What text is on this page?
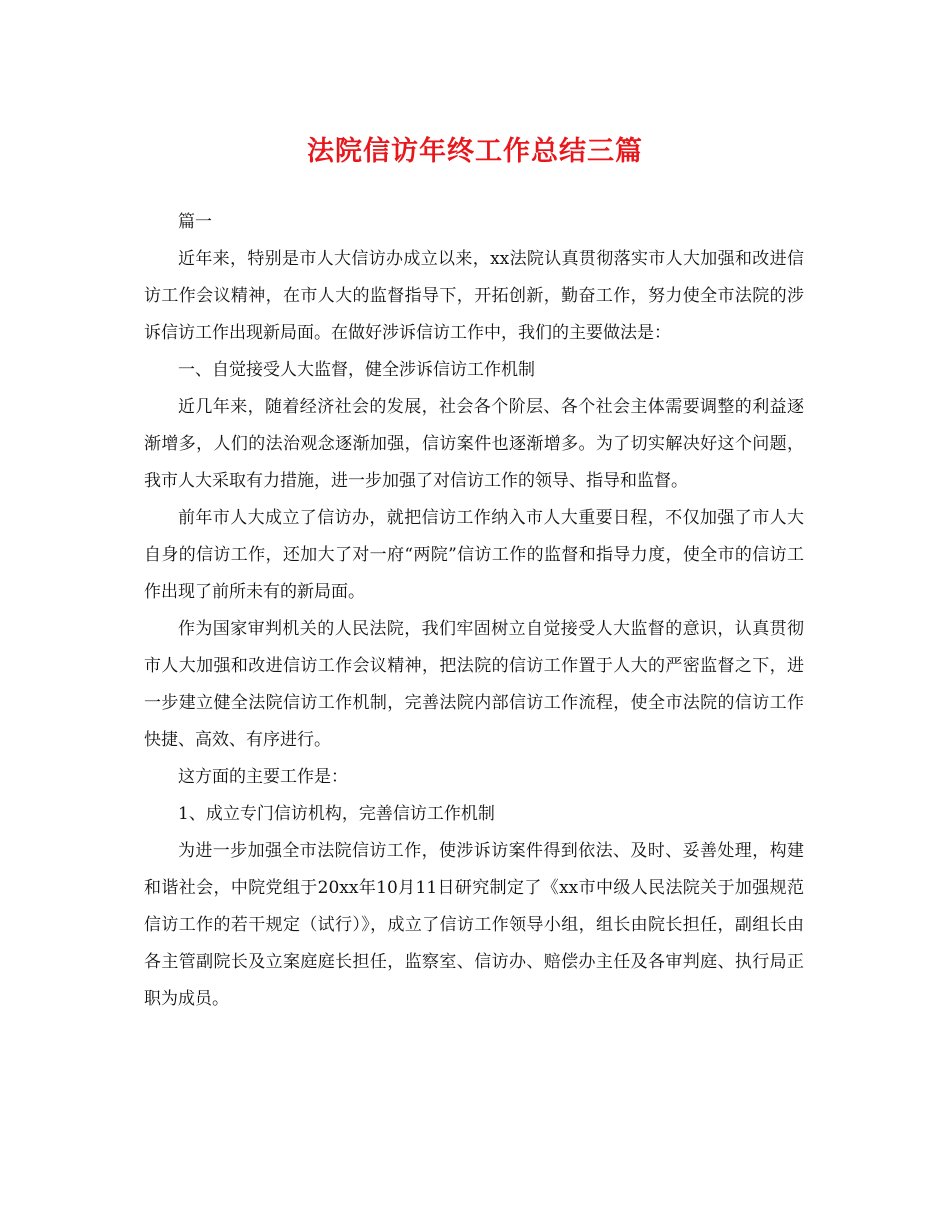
法院信访年终工作总结三篇

篇一

近年来，特别是市人大信访办成立以来，xx法院认真贯彻落实市人大加强和改进信访工作会议精神，在市人大的监督指导下，开拓创新，勤奋工作，努力使全市法院的涉诉信访工作出现新局面。在做好涉诉信访工作中，我们的主要做法是：

一、自觉接受人大监督，健全涉诉信访工作机制

近几年来，随着经济社会的发展，社会各个阶层、各个社会主体需要调整的利益逐渐增多，人们的法治观念逐渐加强，信访案件也逐渐增多。为了切实解决好这个问题，我市人大采取有力措施，进一步加强了对信访工作的领导、指导和监督。

前年市人大成立了信访办，就把信访工作纳入市人大重要日程，不仅加强了市人大自身的信访工作，还加大了对一府“两院”信访工作的监督和指导力度，使全市的信访工作出现了前所未有的新局面。

作为国家审判机关的人民法院，我们牢固树立自觉接受人大监督的意识，认真贯彻市人大加强和改进信访工作会议精神，把法院的信访工作置于人大的严密监督之下，进一步建立健全法院信访工作机制，完善法院内部信访工作流程，使全市法院的信访工作快捷、高效、有序进行。

这方面的主要工作是：

1、成立专门信访机构，完善信访工作机制

为进一步加强全市法院信访工作，使涉诉访案件得到依法、及时、妥善处理，构建和谐社会，中院党组于20xx年10月11日研究制定了《xx市中级人民法院关于加强规范信访工作的若干规定（试行）》，成立了信访工作领导小组，组长由院长担任，副组长由各主管副院长及立案庭庭长担任，监察室、信访办、赔偿办主任及各审判庭、执行局正职为成员。
